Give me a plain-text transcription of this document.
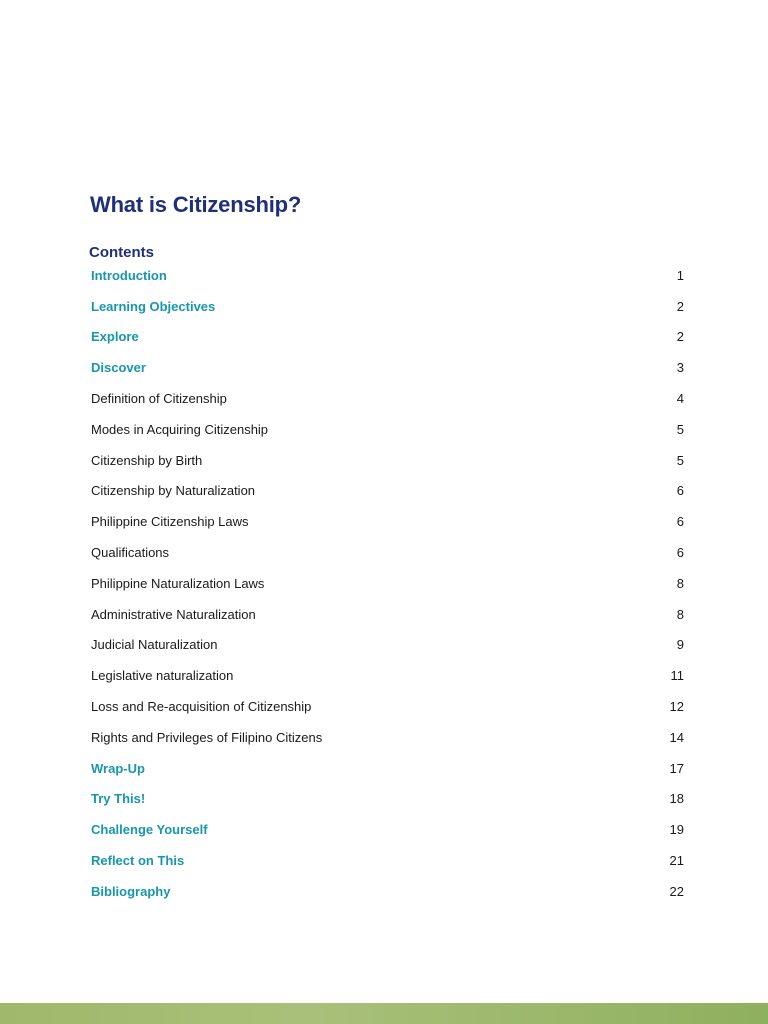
What is Citizenship?
Contents
Introduction	1
Learning Objectives	2
Explore	2
Discover	3
Definition of Citizenship	4
Modes in Acquiring Citizenship	5
Citizenship by Birth	5
Citizenship by Naturalization	6
Philippine Citizenship Laws	6
Qualifications	6
Philippine Naturalization Laws	8
Administrative Naturalization	8
Judicial Naturalization	9
Legislative naturalization	11
Loss and Re-acquisition of Citizenship	12
Rights and Privileges of Filipino Citizens	14
Wrap-Up	17
Try This!	18
Challenge Yourself	19
Reflect on This	21
Bibliography	22
